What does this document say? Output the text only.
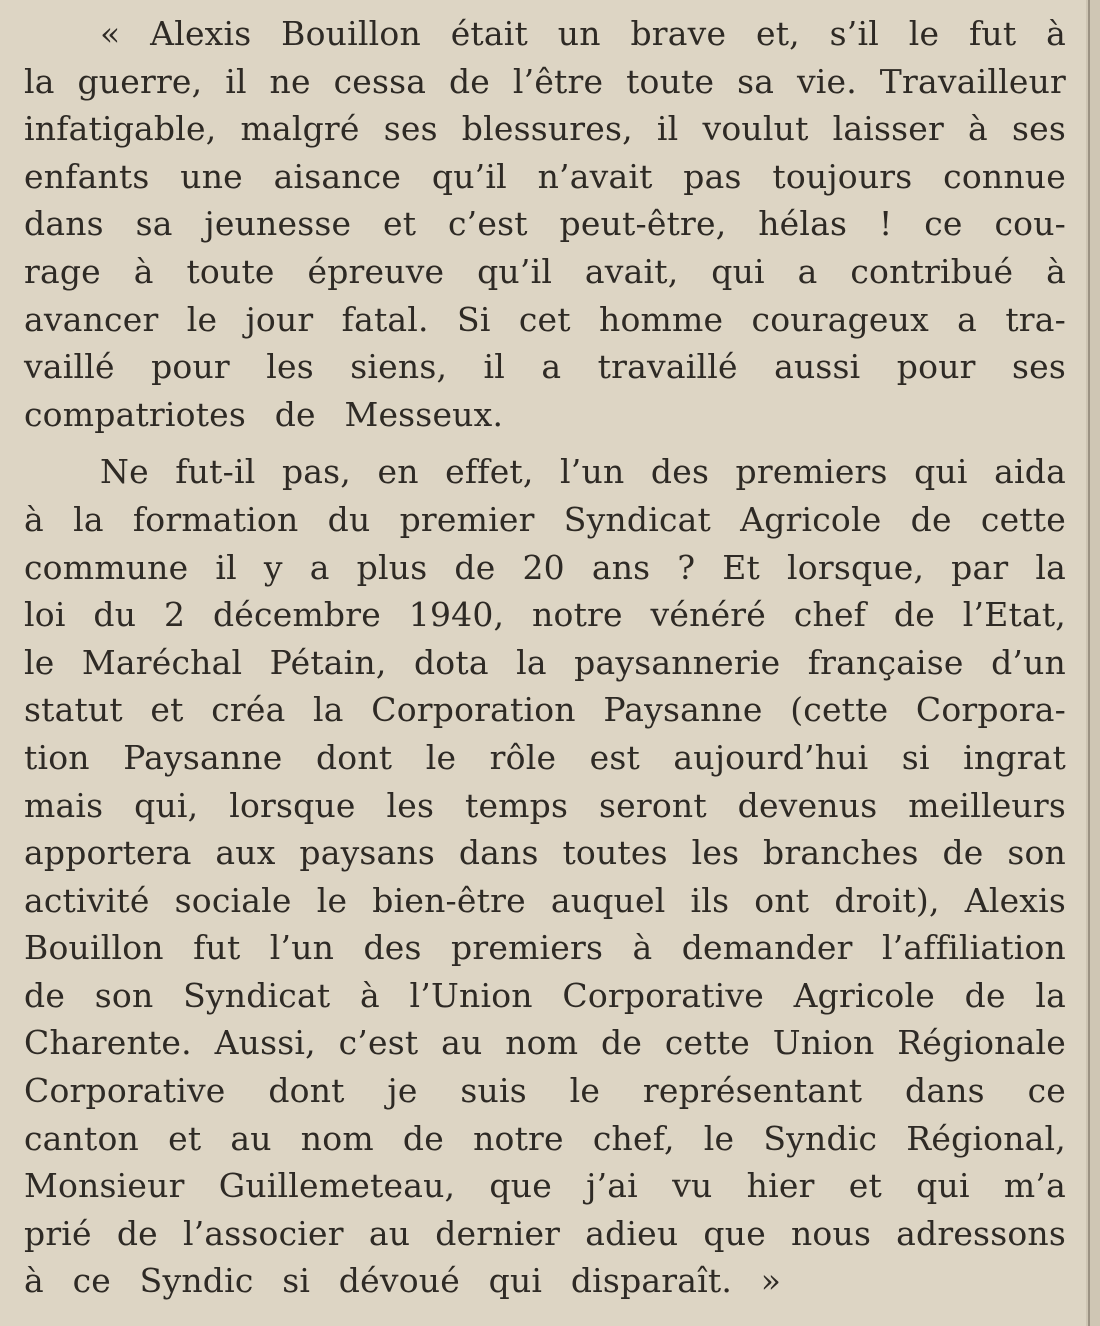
« Alexis Bouillon était un brave et, s’il le fut à
la guerre, il ne cessa de l’être toute sa vie. Travailleur
infatigable, malgré ses blessures, il voulut laisser à ses
enfants une aisance qu’il n’avait pas toujours connue
dans sa jeunesse et c’est peut-être, hélas ! ce cou-
rage à toute épreuve qu’il avait, qui a contribué à
avancer le jour fatal. Si cet homme courageux a tra-
vaillé pour les siens, il a travaillé aussi pour ses
compatriotes de Messeux.
Ne fut-il pas, en effet, l’un des premiers qui aida
à la formation du premier Syndicat Agricole de cette
commune il y a plus de 20 ans ? Et lorsque, par la
loi du 2 décembre 1940, notre vénéré chef de l’Etat,
le Maréchal Pétain, dota la paysannerie française d’un
statut et créa la Corporation Paysanne (cette Corpora-
tion Paysanne dont le rôle est aujourd’hui si ingrat
mais qui, lorsque les temps seront devenus meilleurs
apportera aux paysans dans toutes les branches de son
activité sociale le bien-être auquel ils ont droit), Alexis
Bouillon fut l’un des premiers à demander l’affiliation
de son Syndicat à l’Union Corporative Agricole de la
Charente. Aussi, c’est au nom de cette Union Régionale
Corporative dont je suis le représentant dans ce
canton et au nom de notre chef, le Syndic Régional,
Monsieur Guillemeteau, que j’ai vu hier et qui m’a
prié de l’associer au dernier adieu que nous adressons
à ce Syndic si dévoué qui disparaît. »
